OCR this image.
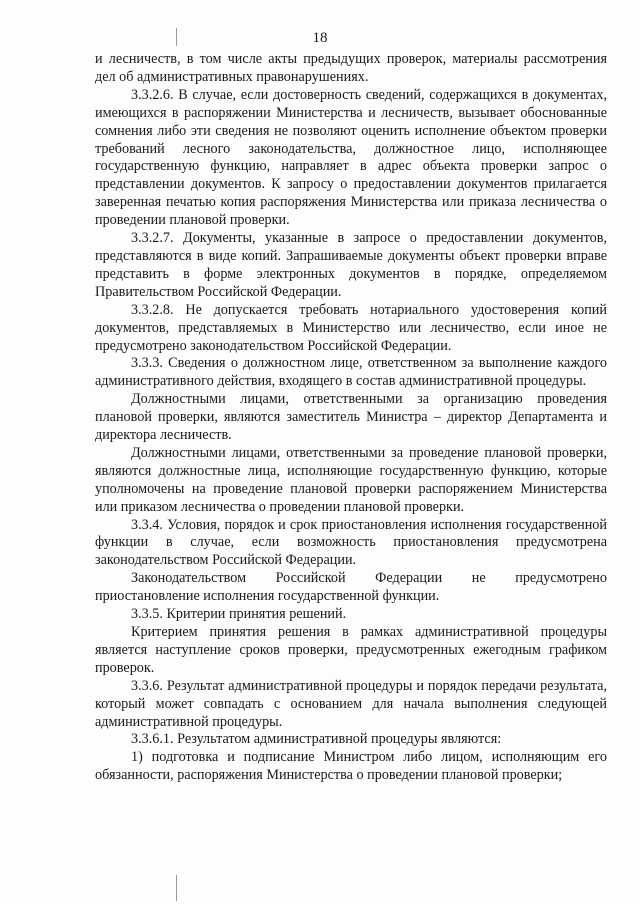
18

и лесничеств, в том числе акты предыдущих проверок, материалы рассмотрения дел об административных правонарушениях.

3.3.2.6. В случае, если достоверность сведений, содержащихся в документах, имеющихся в распоряжении Министерства и лесничеств, вызывает обоснованные сомнения либо эти сведения не позволяют оценить исполнение объектом проверки требований лесного законодательства, должностное лицо, исполняющее государственную функцию, направляет в адрес объекта проверки запрос о представлении документов. К запросу о предоставлении документов прилагается заверенная печатью копия распоряжения Министерства или приказа лесничества о проведении плановой проверки.

3.3.2.7. Документы, указанные в запросе о предоставлении документов, представляются в виде копий. Запрашиваемые документы объект проверки вправе представить в форме электронных документов в порядке, определяемом Правительством Российской Федерации.

3.3.2.8. Не допускается требовать нотариального удостоверения копий документов, представляемых в Министерство или лесничество, если иное не предусмотрено законодательством Российской Федерации.

3.3.3. Сведения о должностном лице, ответственном за выполнение каждого административного действия, входящего в состав административной процедуры.

Должностными лицами, ответственными за организацию проведения плановой проверки, являются заместитель Министра – директор Департамента и директора лесничеств.

Должностными лицами, ответственными за проведение плановой проверки, являются должностные лица, исполняющие государственную функцию, которые уполномочены на проведение плановой проверки распоряжением Министерства или приказом лесничества о проведении плановой проверки.

3.3.4. Условия, порядок и срок приостановления исполнения государственной функции в случае, если возможность приостановления предусмотрена законодательством Российской Федерации.

Законодательством Российской Федерации не предусмотрено приостановление исполнения государственной функции.

3.3.5. Критерии принятия решений.

Критерием принятия решения в рамках административной процедуры является наступление сроков проверки, предусмотренных ежегодным графиком проверок.

3.3.6. Результат административной процедуры и порядок передачи результата, который может совпадать с основанием для начала выполнения следующей административной процедуры.

3.3.6.1. Результатом административной процедуры являются:

1) подготовка и подписание Министром либо лицом, исполняющим его обязанности, распоряжения Министерства о проведении плановой проверки;
